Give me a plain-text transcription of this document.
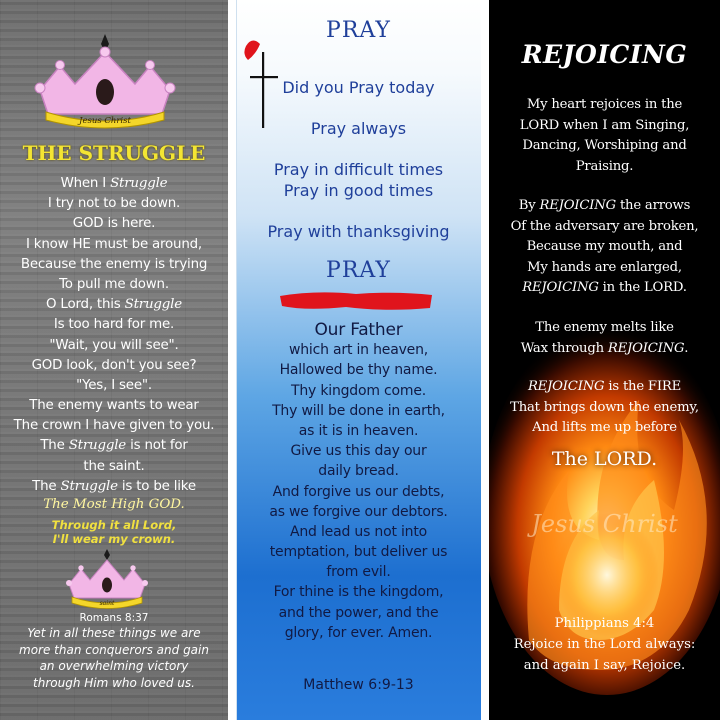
Jesus Christ
THE STRUGGLE
When I Struggle
I try not to be down.
GOD is here.
I know HE must be around,
Because the enemy is trying
To pull me down.
O Lord, this Struggle
Is too hard for me.
"Wait, you will see".
GOD look, don't you see?
"Yes, I see".
The enemy wants to wear
The crown I have given to you.
The Struggle is not for
the saint.
The Struggle is to be like
The Most High GOD.
Through it all Lord,
I'll wear my crown.
saint
Romans 8:37
Yet in all these things we are
more than conquerors and gain
an overwhelming victory
through Him who loved us.
PRAY
Did you Pray today
Pray always
Pray in difficult times
Pray in good times
Pray with thanksgiving
PRAY
Our Father
which art in heaven,
Hallowed be thy name.
Thy kingdom come.
Thy will be done in earth,
as it is in heaven.
Give us this day our
daily bread.
And forgive us our debts,
as we forgive our debtors.
And lead us not into
temptation, but deliver us
from evil.
For thine is the kingdom,
and the power, and the
glory, for ever. Amen.
Matthew 6:9-13
REJOICING
My heart rejoices in the
LORD when I am Singing,
Dancing, Worshiping and
Praising.
By REJOICING the arrows
Of the adversary are broken,
Because my mouth, and
My hands are enlarged,
REJOICING in the LORD.
The enemy melts like
Wax through REJOICING.
REJOICING is the FIRE
That brings down the enemy,
And lifts me up before
The LORD.
Jesus Christ
Philippians 4:4
Rejoice in the Lord always:
and again I say, Rejoice.
